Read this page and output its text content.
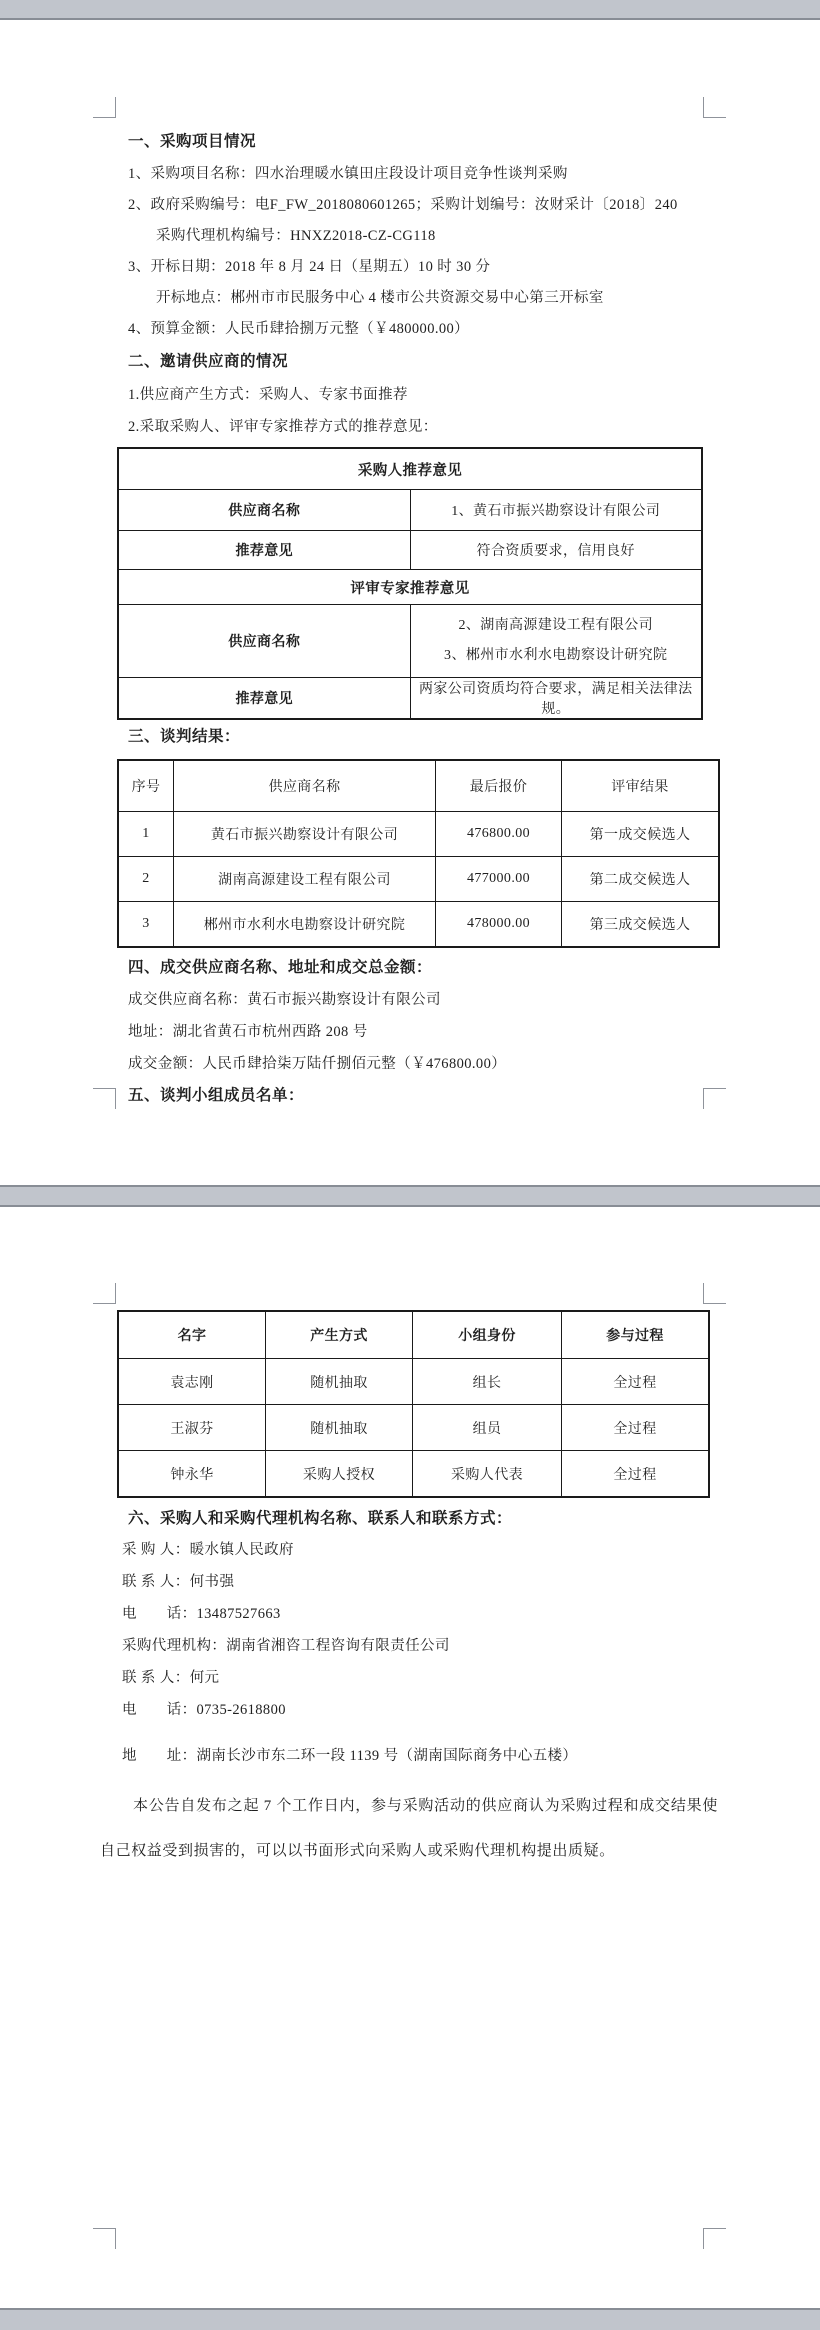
一、采购项目情况
1、采购项目名称：四水治理暖水镇田庄段设计项目竞争性谈判采购
2、政府采购编号：电F_FW_2018080601265；采购计划编号：汝财采计〔2018〕240
采购代理机构编号：HNXZ2018-CZ-CG118
3、开标日期：2018 年 8 月 24 日（星期五）10 时 30 分
开标地点：郴州市市民服务中心 4 楼市公共资源交易中心第三开标室
4、预算金额：人民币肆拾捌万元整（￥480000.00）
二、邀请供应商的情况
1.供应商产生方式：采购人、专家书面推荐
2.采取采购人、评审专家推荐方式的推荐意见：
采购人推荐意见	
供应商名称	1、黄石市振兴勘察设计有限公司
推荐意见	符合资质要求，信用良好
评审专家推荐意见	
供应商名称	2、湖南高源建设工程有限公司
3、郴州市水利水电勘察设计研究院

推荐意见	两家公司资质均符合要求，满足相关法律法规。
三、谈判结果：
序号	供应商名称	最后报价	评审结果
1	黄石市振兴勘察设计有限公司	476800.00	第一成交候选人
2	湖南高源建设工程有限公司	477000.00	第二成交候选人
3	郴州市水利水电勘察设计研究院	478000.00	第三成交候选人
四、成交供应商名称、地址和成交总金额：
成交供应商名称：黄石市振兴勘察设计有限公司
地址：湖北省黄石市杭州西路 208 号
成交金额：人民币肆拾柒万陆仟捌佰元整（￥476800.00）
五、谈判小组成员名单：
名字	产生方式	小组身份	参与过程
袁志刚	随机抽取	组长	全过程
王淑芬	随机抽取	组员	全过程
钟永华	采购人授权	采购人代表	全过程
六、采购人和采购代理机构名称、联系人和联系方式：
采 购 人：暖水镇人民政府
联 系 人：何书强
电　　话：13487527663
采购代理机构：湖南省湘咨工程咨询有限责任公司
联 系 人：何元
电　　话：0735-2618800
地　　址：湖南长沙市东二环一段 1139 号（湖南国际商务中心五楼）
本公告自发布之起 7 个工作日内，参与采购活动的供应商认为采购过程和成交结果使自己权益受到损害的，可以以书面形式向采购人或采购代理机构提出质疑。
